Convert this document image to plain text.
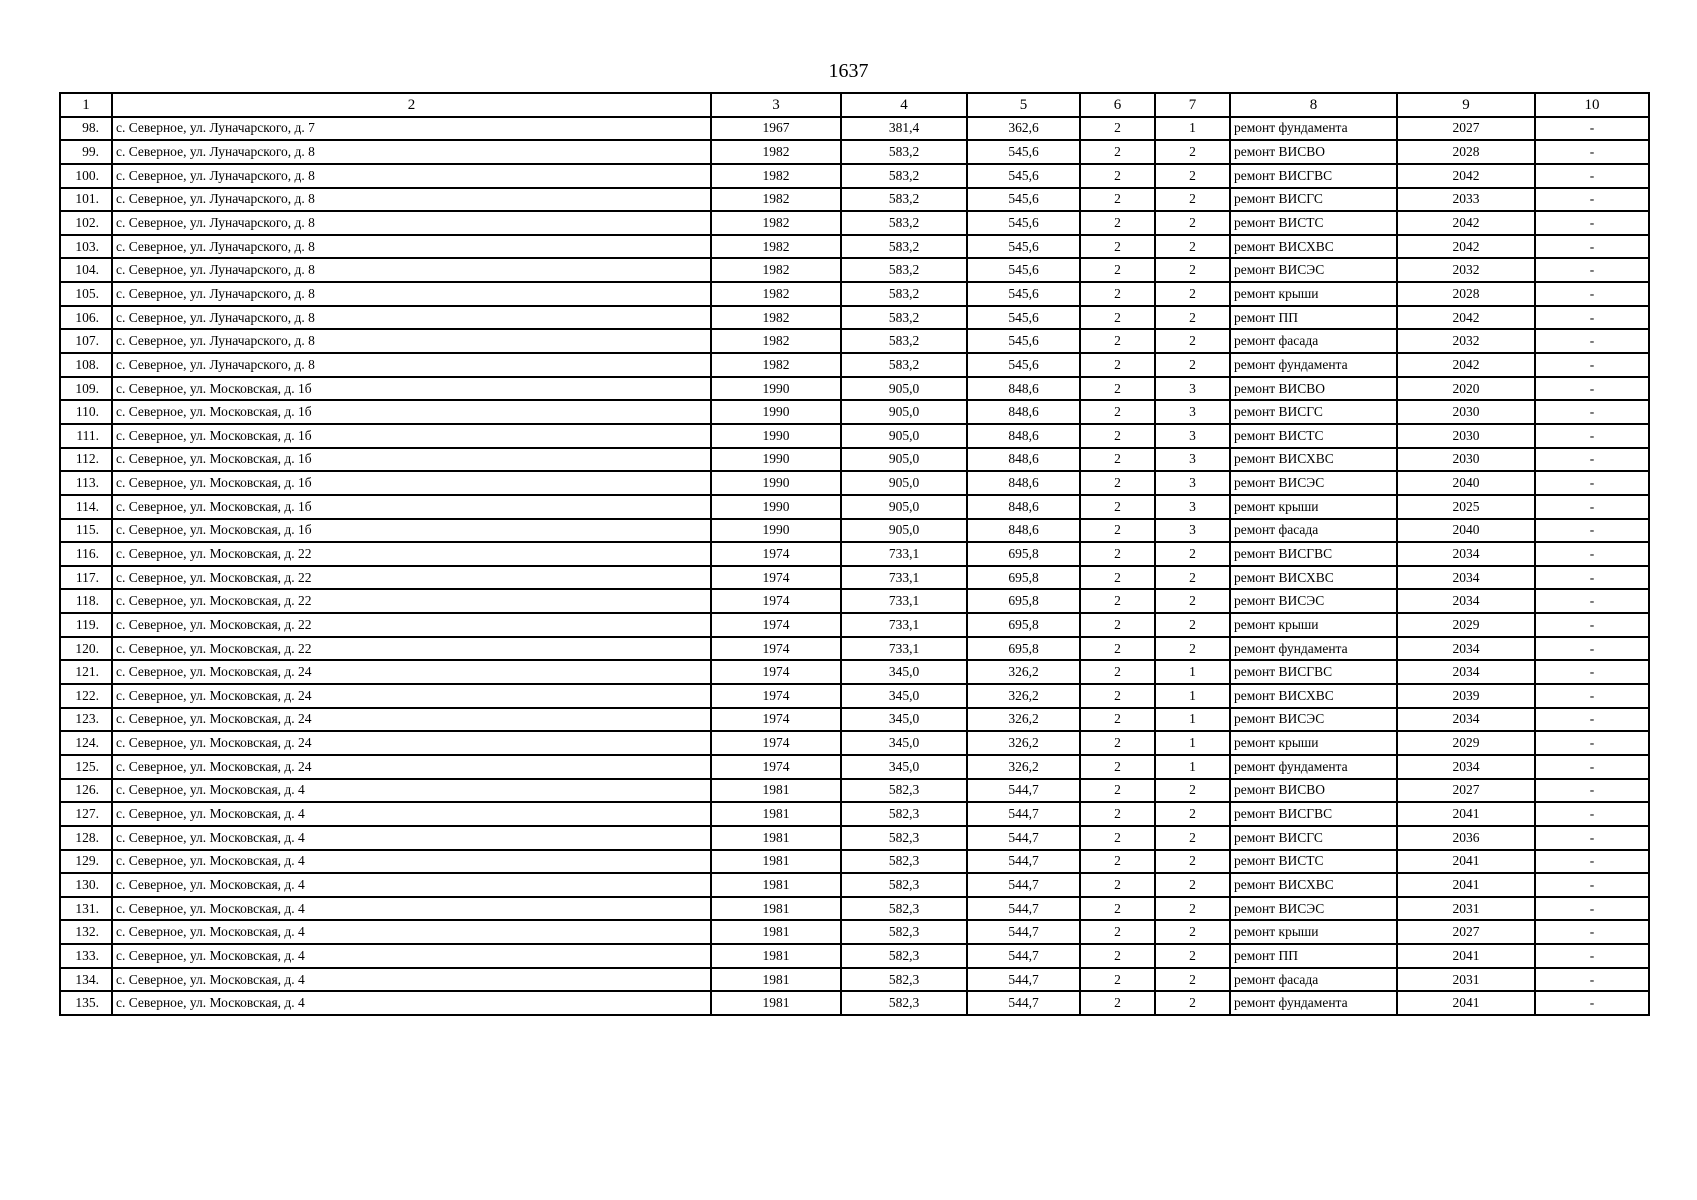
1637
1	2	3	4	5	6	7	8	9	10
98.	с. Северное, ул. Луначарского, д. 7	1967	381,4	362,6	2	1	ремонт фундамента	2027	-
99.	с. Северное, ул. Луначарского, д. 8	1982	583,2	545,6	2	2	ремонт ВИСВО	2028	-
100.	с. Северное, ул. Луначарского, д. 8	1982	583,2	545,6	2	2	ремонт ВИСГВС	2042	-
101.	с. Северное, ул. Луначарского, д. 8	1982	583,2	545,6	2	2	ремонт ВИСГС	2033	-
102.	с. Северное, ул. Луначарского, д. 8	1982	583,2	545,6	2	2	ремонт ВИСТС	2042	-
103.	с. Северное, ул. Луначарского, д. 8	1982	583,2	545,6	2	2	ремонт ВИСХВС	2042	-
104.	с. Северное, ул. Луначарского, д. 8	1982	583,2	545,6	2	2	ремонт ВИСЭС	2032	-
105.	с. Северное, ул. Луначарского, д. 8	1982	583,2	545,6	2	2	ремонт крыши	2028	-
106.	с. Северное, ул. Луначарского, д. 8	1982	583,2	545,6	2	2	ремонт ПП	2042	-
107.	с. Северное, ул. Луначарского, д. 8	1982	583,2	545,6	2	2	ремонт фасада	2032	-
108.	с. Северное, ул. Луначарского, д. 8	1982	583,2	545,6	2	2	ремонт фундамента	2042	-
109.	с. Северное, ул. Московская, д. 1б	1990	905,0	848,6	2	3	ремонт ВИСВО	2020	-
110.	с. Северное, ул. Московская, д. 1б	1990	905,0	848,6	2	3	ремонт ВИСГС	2030	-
111.	с. Северное, ул. Московская, д. 1б	1990	905,0	848,6	2	3	ремонт ВИСТС	2030	-
112.	с. Северное, ул. Московская, д. 1б	1990	905,0	848,6	2	3	ремонт ВИСХВС	2030	-
113.	с. Северное, ул. Московская, д. 1б	1990	905,0	848,6	2	3	ремонт ВИСЭС	2040	-
114.	с. Северное, ул. Московская, д. 1б	1990	905,0	848,6	2	3	ремонт крыши	2025	-
115.	с. Северное, ул. Московская, д. 1б	1990	905,0	848,6	2	3	ремонт фасада	2040	-
116.	с. Северное, ул. Московская, д. 22	1974	733,1	695,8	2	2	ремонт ВИСГВС	2034	-
117.	с. Северное, ул. Московская, д. 22	1974	733,1	695,8	2	2	ремонт ВИСХВС	2034	-
118.	с. Северное, ул. Московская, д. 22	1974	733,1	695,8	2	2	ремонт ВИСЭС	2034	-
119.	с. Северное, ул. Московская, д. 22	1974	733,1	695,8	2	2	ремонт крыши	2029	-
120.	с. Северное, ул. Московская, д. 22	1974	733,1	695,8	2	2	ремонт фундамента	2034	-
121.	с. Северное, ул. Московская, д. 24	1974	345,0	326,2	2	1	ремонт ВИСГВС	2034	-
122.	с. Северное, ул. Московская, д. 24	1974	345,0	326,2	2	1	ремонт ВИСХВС	2039	-
123.	с. Северное, ул. Московская, д. 24	1974	345,0	326,2	2	1	ремонт ВИСЭС	2034	-
124.	с. Северное, ул. Московская, д. 24	1974	345,0	326,2	2	1	ремонт крыши	2029	-
125.	с. Северное, ул. Московская, д. 24	1974	345,0	326,2	2	1	ремонт фундамента	2034	-
126.	с. Северное, ул. Московская, д. 4	1981	582,3	544,7	2	2	ремонт ВИСВО	2027	-
127.	с. Северное, ул. Московская, д. 4	1981	582,3	544,7	2	2	ремонт ВИСГВС	2041	-
128.	с. Северное, ул. Московская, д. 4	1981	582,3	544,7	2	2	ремонт ВИСГС	2036	-
129.	с. Северное, ул. Московская, д. 4	1981	582,3	544,7	2	2	ремонт ВИСТС	2041	-
130.	с. Северное, ул. Московская, д. 4	1981	582,3	544,7	2	2	ремонт ВИСХВС	2041	-
131.	с. Северное, ул. Московская, д. 4	1981	582,3	544,7	2	2	ремонт ВИСЭС	2031	-
132.	с. Северное, ул. Московская, д. 4	1981	582,3	544,7	2	2	ремонт крыши	2027	-
133.	с. Северное, ул. Московская, д. 4	1981	582,3	544,7	2	2	ремонт ПП	2041	-
134.	с. Северное, ул. Московская, д. 4	1981	582,3	544,7	2	2	ремонт фасада	2031	-
135.	с. Северное, ул. Московская, д. 4	1981	582,3	544,7	2	2	ремонт фундамента	2041	-
